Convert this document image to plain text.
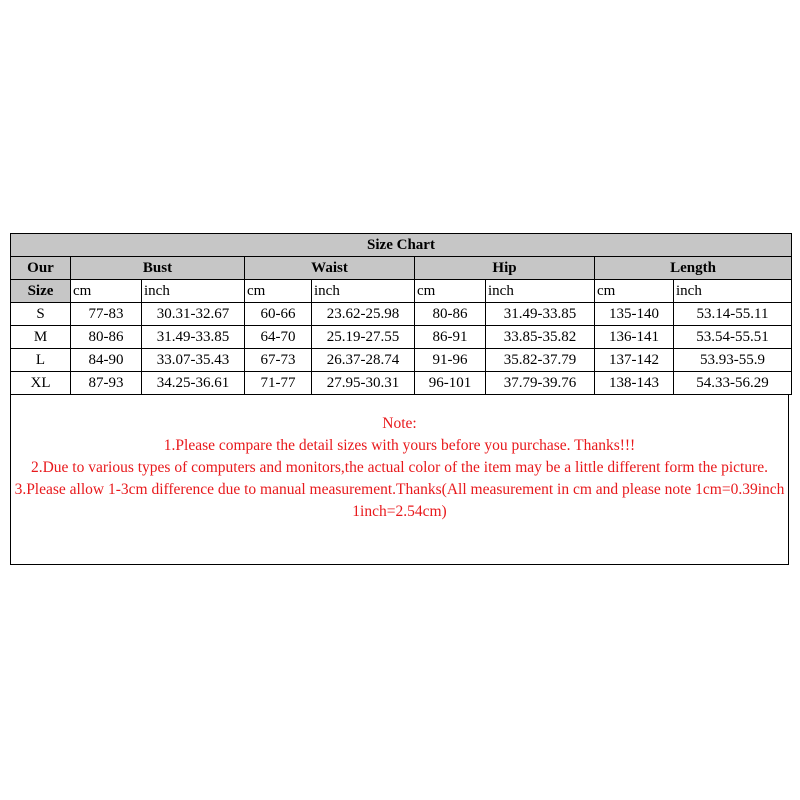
Size Chart								
Our	Bust		Waist		Hip		Length	
Size	cm	inch	cm	inch	cm	inch	cm	inch
S	77-83	30.31-32.67	60-66	23.62-25.98	80-86	31.49-33.85	135-140	53.14-55.11
M	80-86	31.49-33.85	64-70	25.19-27.55	86-91	33.85-35.82	136-141	53.54-55.51
L	84-90	33.07-35.43	67-73	26.37-28.74	91-96	35.82-37.79	137-142	53.93-55.9
XL	87-93	34.25-36.61	71-77	27.95-30.31	96-101	37.79-39.76	138-143	54.33-56.29

Note:

1.Please compare the detail sizes with yours before you purchase. Thanks!!!

2.Due to various types of computers and monitors,the actual color of the item may be a little different form the picture.

3.Please allow 1-3cm difference due to manual measurement.Thanks(All measurement in cm and please note 1cm=0.39inch 1inch=2.54cm)
